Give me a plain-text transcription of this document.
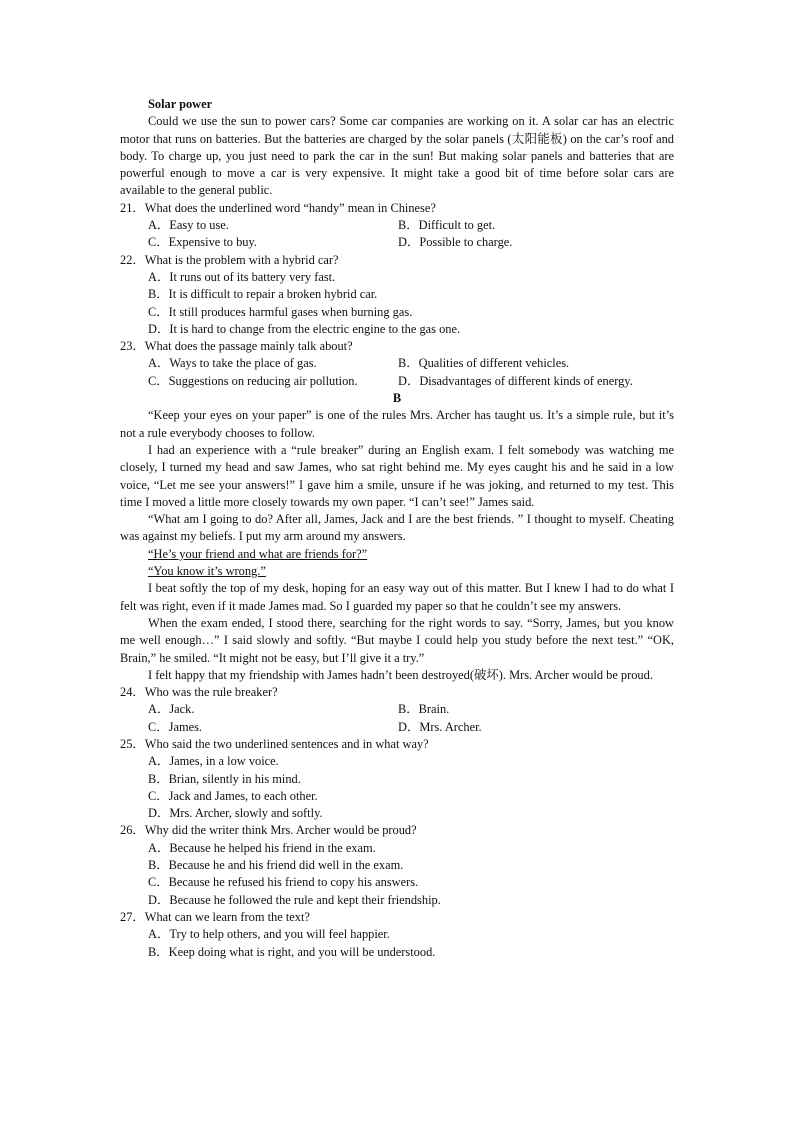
Solar power

Could we use the sun to power cars? Some car companies are working on it. A solar car has an electric motor that runs on batteries. But the batteries are charged by the solar panels (太阳能板) on the car’s roof and body. To charge up, you just need to park the car in the sun! But making solar panels and batteries that are powerful enough to move a car is very expensive. It might take a good bit of time before solar cars are available to the general public.

21．What does the underlined word “handy” mean in Chinese?

A．Easy to use.	B．Difficult to get.
C．Expensive to buy.	D．Possible to charge.

22．What is the problem with a hybrid car?

A．It runs out of its battery very fast.
B．It is difficult to repair a broken hybrid car.
C．It still produces harmful gases when burning gas.
D．It is hard to change from the electric engine to the gas one.

23．What does the passage mainly talk about?

A．Ways to take the place of gas.	B．Qualities of different vehicles.
C．Suggestions on reducing air pollution.	D．Disadvantages of different kinds of energy.
B

“Keep your eyes on your paper” is one of the rules Mrs. Archer has taught us. It’s a simple rule, but it’s not a rule everybody chooses to follow.

I had an experience with a “rule breaker” during an English exam. I felt somebody was watching me closely, I turned my head and saw James, who sat right behind me. My eyes caught his and he said in a low voice, “Let me see your answers!” I gave him a smile, unsure if he was joking, and returned to my test. This time I moved a little more closely towards my own paper. “I can’t see!” James said.

“What am I going to do? After all, James, Jack and I are the best friends. ” I thought to myself. Cheating was against my beliefs. I put my arm around my answers.

“He’s your friend and what are friends for?”
“You know it’s wrong.”

I beat softly the top of my desk, hoping for an easy way out of this matter. But I knew I had to do what I felt was right, even if it made James mad. So I guarded my paper so that he couldn’t see my answers.

When the exam ended, I stood there, searching for the right words to say. “Sorry, James, but you know me well enough…” I said slowly and softly. “But maybe I could help you study before the next test.” “OK, Brain,” he smiled. “It might not be easy, but I’ll give it a try.”

I felt happy that my friendship with James hadn’t been destroyed(破坏). Mrs. Archer would be proud.

24．Who was the rule breaker?

A．Jack.	B．Brain.
C．James.	D．Mrs. Archer.

25．Who said the two underlined sentences and in what way?

A．James, in a low voice.
B．Brian, silently in his mind.
C．Jack and James, to each other.
D．Mrs. Archer, slowly and softly.

26．Why did the writer think Mrs. Archer would be proud?

A．Because he helped his friend in the exam.
B．Because he and his friend did well in the exam.
C．Because he refused his friend to copy his answers.
D．Because he followed the rule and kept their friendship.

27．What can we learn from the text?

A．Try to help others, and you will feel happier.
B．Keep doing what is right, and you will be understood.
